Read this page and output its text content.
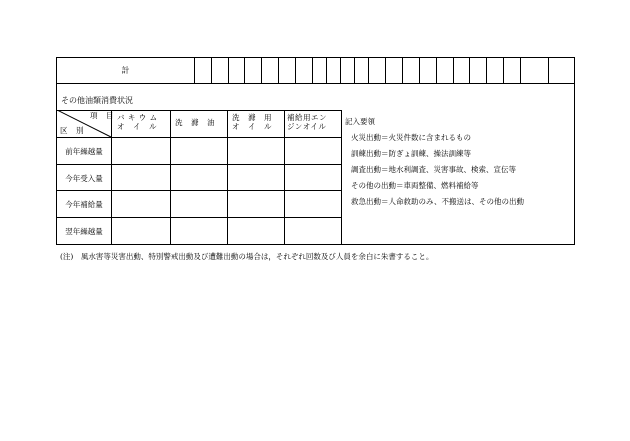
計
その他油類消費状況
項　目
区　別
バ キ ウ ム
オ　イ　ル	洗　滌　油
洗　滌　用
オ　イ　ル
補給用エン
ジンオイル
前年繰越量
今年受入量
今年補給量
翌年繰越量
記入要領
火災出動＝火災件数に含まれるもの
訓練出動＝防ぎょ訓練、操法訓練等
調査出動＝地水利調査、災害事故、検索、宣伝等
その他の出動＝車両整備、燃料補給等
救急出動＝人命救助のみ、不搬送は、その他の出動
(注)　風水害等災害出動、特別警戒出動及び遭難出動の場合は，それぞれ回数及び人員を余白に朱書すること。
